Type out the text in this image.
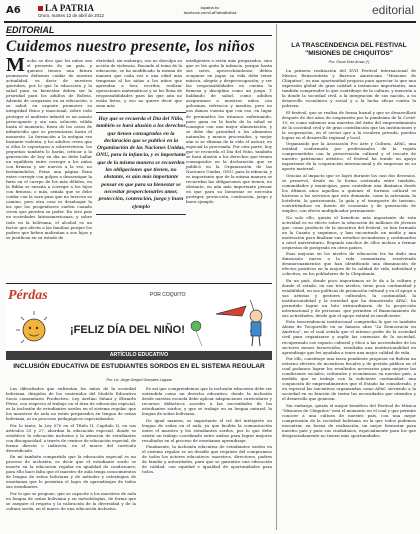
A6	LA PATRIA
Oruro, martes 12 de abril de 2012
lapatria.bo
facebook.com/LaPatriaBolivia	editorial
EDITORIAL
Cuidemos nuestro presente, los niños
Mucho se dice que los niños son el presente de un país, y quienes tienen una futura promisorio debemos cuidar de nuestra actualidad, es decir de nuestros querubes, por lo que la educación y la salud para su bienestar deben ser la prioridad para los adultos de Bolivia. Además de ocuparnos en su educación, o su salud, en urgente promover su integridad física y emocional, sobre todo proteger al maltrato infantil es un asunto preocupante y sin una solución válida hasta el momento, fuera de los casos de infanticidio que se presentaron hasta el momento. La formación a la antigua era bastante violenta, y los adultos creen que si ellos le soportaron a sobrevivieron, los pequeños también lo harán, criticar a la generación de hoy en día no debe hallar un equilibrio entre corregir a los niños con firmeza y ser nuevos a la vez, no lastimándolos. Estas una página llena entre corregir con golpes a desarraigar la furia en el cuerpo de los más débiles, en la Biblia se enseña a corregir a los hijos con firmeza, o más, señala que se debe cuidar con la vara para que no tuercen su camino, pero otra cosa es desahogar la ira que los progenitores suelen cuando creen que pierden su poder. En otro país en sociedades latinoamericanas, y sobre todo en la boliviana, el alcohol es un factor que afecta a las familias porque los padres que beben maltratan a sus hijos y se justifican en su estado de
ebriedad, sin embargo, eso no disculpa su acción de violencia. Pasando al tema de la educación, se ha modificado la misma de manera que cada vez a una edad más temprana al los niñas a los niños que aprendan a leer, escribir, realizar operaciones matemáticas y se les llena de responsabilidades para las que aún no están listos, y eso no quiere decir que sean más
Hoy que se recuerda el Día del Niño, también se hará alusión a los derechos que tienen consagrados en la declaración que se publicó en la Organización de las Naciones Unidas, ONU, para la infancia, y es importante que de la misma manera se recuerden las obligaciones que tienen, no obstante, es aún más importante pensar en que para su bienestar se necesitar proporcionarles amor, protección, contención, juego y buen ejemplo
inteligentes o estén más preparados, sino que se les quita la infancia, porque hasta sus seres, aprovechándonse, deben ocuparse en jugar, su vida debe tener música, alegría y despreocupación; y ser las responsabilidades en cuenta la firmeza y disciplina como un juego. Y hablando de salud, como adultos aseguramos a nuestros niños con golosinas, refrescos y masitas, pero no nos damos cuenta que con eso, en lugar de premiarlos los estamos enfermando, pues gana en la burla de la salud se consigue con una mejor alimentación, y se debe dar prioridad a los alimentos naturales y menos procesados, y mejor aún si se elimina de la vida el azúcar, en especial la procesada. Por otra parte, hoy que se recuerda el Día del Niño, también se hará alusión a los derechos que tienen consagrados en la declaración que se publicó en la Organización de las Naciones Unidas, ONU, para la infancia, y es importante que de la misma manera se recuerden las obligaciones que tienen, no obstante, en aún más importante pensar en que para su bienestar se necesita proteger, protección, contención, juego y buen ejemplo.
LA TRASCENDENCIA DEL FESTIVAL "MISIONES DE CHIQUITOS"
Por: Óscar Díaz Arnau (*)

La primera realización del XVII Festival Internacional de Música Renacentista y Barroca Americana "Misiones de Chiquitos", es una oportunidad propicia para apreciar lo que una expresión global de gran calidad a instancias importantes, una también comprender lo que contribuye de la cultura, y mención a la donde la sociedad civil, a la integración de sus nación, a su desarrollo económico y social y a la lucha eficaz contra la pobreza.

El festival, que se realiza de forma bienal y que se desarrollará después de dos años de suspensión por la pandemia de la Covid-19, es como sabemos una muestra del éxito del emprendimiento de la sociedad civil y de gran contribución que las instituciones y la cooperación, en el sector que a la escalera privada, pueden lograr en el desarrollo regional y local.

Organizado por la Asociación Pro Arte y Cultura, APAC, una entidad conformada por profesionales de la región comprometidos con la preservación cultural y el rescate de nuestro patrimonio artístico, el festival ha tenido un apoyo importante de la cooperación internacional y de empresas en su aporte material.

Gracias al impacto que se logró durante los casi dos decenios, se preservó, desde en la forma sostenida entre también, comunidades y municipios, para contribuir una dinámica desde los últimos años aquellas a quienes el turismo cultural se hicieron a los servicios que este demanda, como la artesanía, la hotelería, la gastronomía, la guía y el transporte de turismo, convirtiéndose en fuente de economía y de generación de empleo, con efecto multiplicador permanente.

No solo ello, quizás el beneficio más importante de esta actividad es su efecto sobre la educación de millones de jóvenes que, como producto de la iniciativa del festival, se han formado en la Cuanto y seguimos, y han encontrado un medio y una motivación para finalizar sus estudios secundarios y continuarlos a nivel universitario, llegando muchos de ellos incluso a formar orquestas de postgrado en otros países.

Esas mejoras en los niveles de educación les ha dado una dimensión nueva a la vida comunitaria, resolviendo desmoronamientos que han identificado una disminución de efectos positivos en la mejora de la calidad de vida, individual y colectiva, en los pobladores de la Chiquitanía.

En un país, donde poco importamos se le da a la cultura y donde el estado, en sus tres niveles, tiene poca continuidad y estabilidad, en sus políticas de promoción cultural y en el apoyo a sus artistas y gestores culturales, la continuidad, la institucionalidad y la seriedad que ha demostrado APAC, ha permitido lograr un hito extraordinario, de la proyección internacional y de personas, que permiten el financiamiento de sus actividades, desde que el apoyo estatal es insuficiente.

Esta trascendencia institucional comprueba lo que es también Alexis de Tocqueville en su famosa obra "La Democracia en América", en el cual señala que el intenso poder de la sociedad civil para organizarse y suplir las carencias de la sociedad, recuperando ese espacio cultural y ético a las necesidades de los sectores menos favorecidos, resultaba una institucionalidad en aprendizaje que les ayudaba a tener una mejor calidad de vida.

Por ello, constituye una tarea pendiente propiciar en Bolivia un entorno efectivo de incentivos fiscales y de gestión pública en el cual podamos lograr los resultados necesarios para mejorar las condiciones sociales, culturales y económicas en nuestro país, a medida que se trabaje con la suficiente continuidad, una conjunción de emprendimientos que el Estado ha considerado, y en especial las iniciativas organizadas como APAC sirviendo a la sociedad en su función de tratar las necesidades que atienden y el desarrollo que generan.

Sin embargo, quizás el mayor beneficio del Festival de Música "Misiones de Chiquitos" está el momento en el cual y que permite conocer a una cultura de nuestro país, con una mejor comprensión de la sociedad boliviana en la que todos podemos encontrar, en forma de realización, un mejor bienestar para nuestro país y para sus ciudadanos, especialmente para los que desgraciadamente no tienen más oportunidades.

Pérdas	POR COQUITO
¡FELIZ DÍA DEL NIÑO!
ARTÍCULO EDUCATIVO
INCLUSIÓN EDUCATIVA DE ESTUDIANTES SORDOS EN EL SISTEMA REGULAR
Por: Lic. Jorge Gregori Gonzales Laguna

Las dificultades que enfrentan los niños de la sociedad boliviana, dirigidos de los contenidos del Modelo Educativo Socio comunitario Productivo, Ley Avelino Siñani y Elizardo Pérez, con respecto al trabajo en el área de educación especial, es la inclusión de estudiantes sordos en el sistema regular, que los maestros de aula no están preparados en lengua de señas boliviana, ni en procesos pedagógicos especializados.

Por lo tanto, la Ley 070 en el Título II, Capítulo II, en sus artículos 25 y 27, abordan la educación especial, donde se establece la educación inclusiva y la atención de estudiantes con discapacidad, a través de centros de educación especial, de forma directa o indirecta, en el marco del currículo diversificado.

En mí también compartido que la educación especial es un proceso de inclusión, es decir que el estudiante sordo se inserte en la educación regular en igualdad de condiciones; para ello hace falta que el maestro de aula tenga conocimientos de lengua de señas boliviana y de métodos y estrategias de enseñanza que le permitan el logro de aprendizajes de todos sus estudiantes.

Por lo que se propone, que se capacite a los maestros de aula en lengua de señas boliviana y en metodologías, de forma que se asegure el respeto y la valoración de la diversidad y de la cultura sorda, en el marco de una educación inclusiva.

Es así que comprendemos que la inclusión educativa debe ser entendida como un derecho educativo, donde la inclusión desde nuestra escuela debe aplicar adaptaciones curriculares y recursos didácticos acordes a las necesidades de los estudiantes sordos, y que se trabaje en su lengua natural, la lengua de señas boliviana.

De igual manera, es importante el rol del intérprete en lengua de señas en el aula, ya que facilita la comunicación entre el maestro y los estudiantes sordos, por lo que debe existir un trabajo coordinado entre ambos para lograr mejores resultados en el proceso de enseñanza aprendizaje.

Finalmente, la inclusión educativa de estudiantes sordos en el sistema regular es un desafío que requiere del compromiso de todos los actores educativos: maestros, directores, padres de familia y autoridades, para que se garantice una educación de calidad, con equidad e igualdad de oportunidades para todos.
